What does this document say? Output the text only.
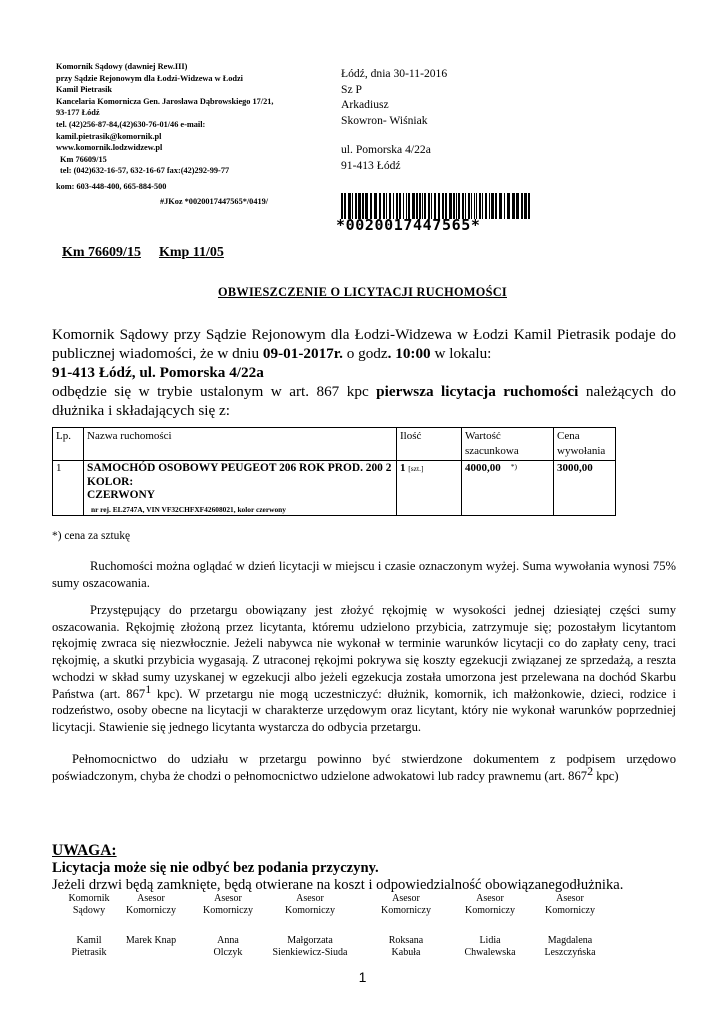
Komornik Sądowy (dawniej Rew.III)
przy Sądzie Rejonowym dla Łodzi-Widzewa w Łodzi
Kamil Pietrasik
Kancelaria Komornicza Gen. Jarosława Dąbrowskiego 17/21,
93-177 Łódź
tel. (42)256-87-84,(42)630-76-01/46 e-mail:
kamil.pietrasik@komornik.pl
www.komornik.lodzwidzew.pl
Km 76609/15
tel: (042)632-16-57, 632-16-67 fax:(42)292-99-77
kom: 603-448-400, 665-884-500
#JKoz *0020017447565*/0419/
Łódź, dnia 30-11-2016
Sz P
Arkadiusz
Skowron- Wiśniak
ul. Pomorska 4/22a
91-413 Łódź
*0020017447565*
Km 76609/15 Kmp 11/05
OBWIESZCZENIE O LICYTACJI RUCHOMOŚCI
Komornik Sądowy przy Sądzie Rejonowym dla Łodzi-Widzewa w Łodzi Kamil Pietrasik podaje do publicznej wiadomości, że w dniu 09-01-2017r. o godz. 10:00 w lokalu:
91-413 Łódź, ul. Pomorska 4/22a
odbędzie się w trybie ustalonym w art. 867 kpc pierwsza licytacja ruchomości należących do dłużnika i składających się z:
Lp.	Nazwa ruchomości	Ilość	Wartość szacunkowa	Cena wywołania
1	SAMOCHÓD OSOBOWY PEUGEOT 206 ROK PROD. 200 2 KOLOR:
CZERWONY
nr rej. EL2747A, VIN VF32CHFXF42608021, kolor czerwony	1 [szt.]	4000,00 *)	3000,00
*) cena za sztukę
Ruchomości można oglądać w dzień licytacji w miejscu i czasie oznaczonym wyżej. Suma wywołania wynosi 75% sumy oszacowania.
Przystępujący do przetargu obowiązany jest złożyć rękojmię w wysokości jednej dziesiątej części sumy oszacowania. Rękojmię złożoną przez licytanta, któremu udzielono przybicia, zatrzymuje się; pozostałym licytantom rękojmię zwraca się niezwłocznie. Jeżeli nabywca nie wykonał w terminie warunków licytacji co do zapłaty ceny, traci rękojmię, a skutki przybicia wygasają. Z utraconej rękojmi pokrywa się koszty egzekucji związanej ze sprzedażą, a reszta wchodzi w skład sumy uzyskanej w egzekucji albo jeżeli egzekucja została umorzona jest przelewana na dochód Skarbu Państwa (art. $867^1$ kpc). W przetargu nie mogą uczestniczyć: dłużnik, komornik, ich małżonkowie, dzieci, rodzice i rodzeństwo, osoby obecne na licytacji w charakterze urzędowym oraz licytant, który nie wykonał warunków poprzedniej licytacji. Stawienie się jednego licytanta wystarcza do odbycia przetargu.
Pełnomocnictwo do udziału w przetargu powinno być stwierdzone dokumentem z podpisem urzędowo poświadczonym, chyba że chodzi o pełnomocnictwo udzielone adwokatowi lub radcy prawnemu (art. $867^2$ kpc)
UWAGA:
Licytacja może się nie odbyć bez podania przyczyny.
Jeżeli drzwi będą zamknięte, będą otwierane na koszt i odpowiedzialność obowiązanegodłużnika.
Komornik
Sądowy
Kamil
Pietrasik
Asesor
Komorniczy
Marek Knap
Asesor
Komorniczy
Anna
Olczyk
Asesor
Komorniczy
Małgorzata
Sienkiewicz-Siuda
Asesor
Komorniczy
Roksana
Kabuła
Asesor
Komorniczy
Lidia
Chwalewska
Asesor
Komorniczy
Magdalena
Leszczyńska
1
